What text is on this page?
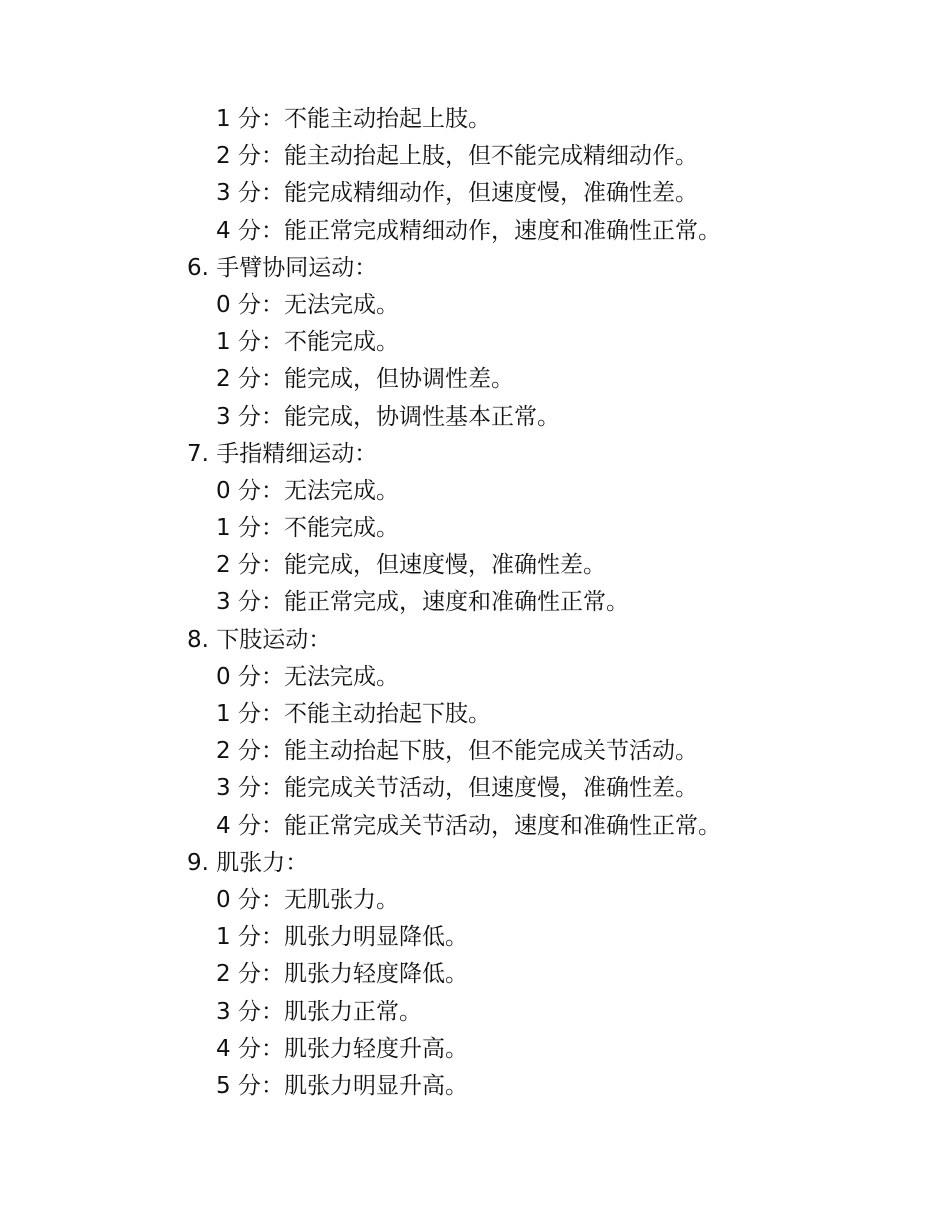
1 分：不能主动抬起上肢。
2 分：能主动抬起上肢，但不能完成精细动作。
3 分：能完成精细动作，但速度慢，准确性差。
4 分：能正常完成精细动作，速度和准确性正常。
6. 手臂协同运动：
0 分：无法完成。
1 分：不能完成。
2 分：能完成，但协调性差。
3 分：能完成，协调性基本正常。
7. 手指精细运动：
0 分：无法完成。
1 分：不能完成。
2 分：能完成，但速度慢，准确性差。
3 分：能正常完成，速度和准确性正常。
8. 下肢运动：
0 分：无法完成。
1 分：不能主动抬起下肢。
2 分：能主动抬起下肢，但不能完成关节活动。
3 分：能完成关节活动，但速度慢，准确性差。
4 分：能正常完成关节活动，速度和准确性正常。
9. 肌张力：
0 分：无肌张力。
1 分：肌张力明显降低。
2 分：肌张力轻度降低。
3 分：肌张力正常。
4 分：肌张力轻度升高。
5 分：肌张力明显升高。
